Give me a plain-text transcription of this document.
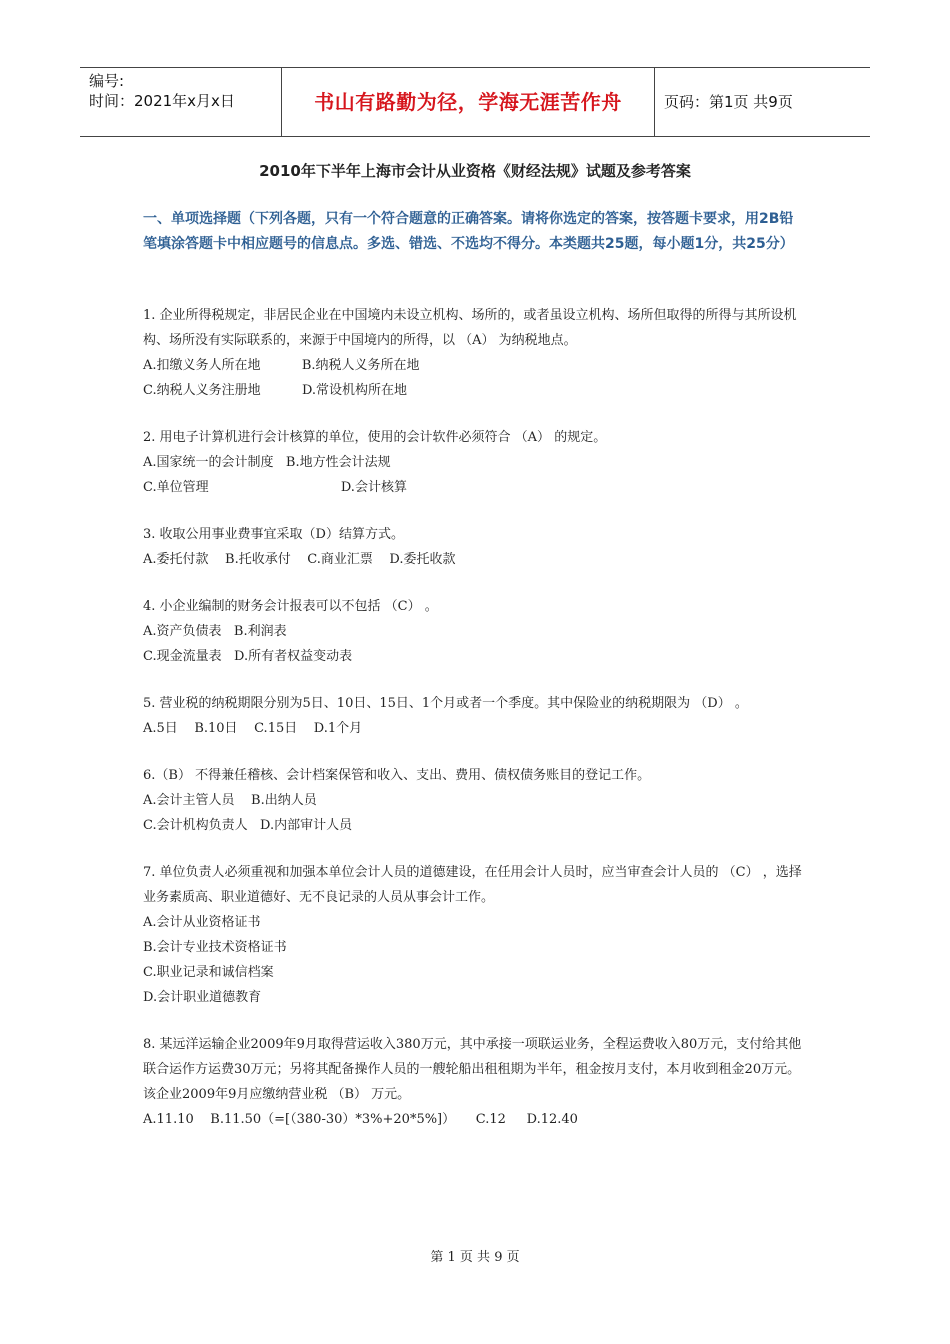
编号:
时间：2021年x月x日	书山有路勤为径，学海无涯苦作舟	页码：第1页 共9页
2010年下半年上海市会计从业资格《财经法规》试题及参考答案

一、单项选择题（下列各题，只有一个符合题意的正确答案。请将你选定的答案，按答题卡要求，用2B铅笔填涂答题卡中相应题号的信息点。多选、错选、不选均不得分。本类题共25题，每小题1分，共25分）

1. 企业所得税规定，非居民企业在中国境内未设立机构、场所的，或者虽设立机构、场所但取得的所得与其所设机构、场所没有实际联系的，来源于中国境内的所得，以 （A） 为纳税地点。
A.扣缴义务人所在地          B.纳税人义务所在地
C.纳税人义务注册地          D.常设机构所在地
2. 用电子计算机进行会计核算的单位，使用的会计软件必须符合 （A） 的规定。
A.国家统一的会计制度   B.地方性会计法规
C.单位管理                                D.会计核算
3. 收取公用事业费事宜采取（D）结算方式。
A.委托付款    B.托收承付    C.商业汇票    D.委托收款
4. 小企业编制的财务会计报表可以不包括 （C） 。
A.资产负债表   B.利润表
C.现金流量表   D.所有者权益变动表
5. 营业税的纳税期限分别为5日、10日、15日、1个月或者一个季度。其中保险业的纳税期限为 （D） 。
A.5日    B.10日    C.15日    D.1个月
6.（B） 不得兼任稽核、会计档案保管和收入、支出、费用、债权债务账目的登记工作。
A.会计主管人员    B.出纳人员
C.会计机构负责人   D.内部审计人员
7. 单位负责人必须重视和加强本单位会计人员的道德建设，在任用会计人员时，应当审查会计人员的 （C） ，选择业务素质高、职业道德好、无不良记录的人员从事会计工作。
A.会计从业资格证书
B.会计专业技术资格证书
C.职业记录和诚信档案
D.会计职业道德教育
8. 某远洋运输企业2009年9月取得营运收入380万元，其中承接一项联运业务，全程运费收入80万元，支付给其他联合运作方运费30万元；另将其配备操作人员的一艘轮船出租租期为半年，租金按月支付，本月收到租金20万元。该企业2009年9月应缴纳营业税 （B） 万元。
A.11.10    B.11.50（=[（380-30）*3%+20*5%]）     C.12     D.12.40
第 1 页 共 9 页
